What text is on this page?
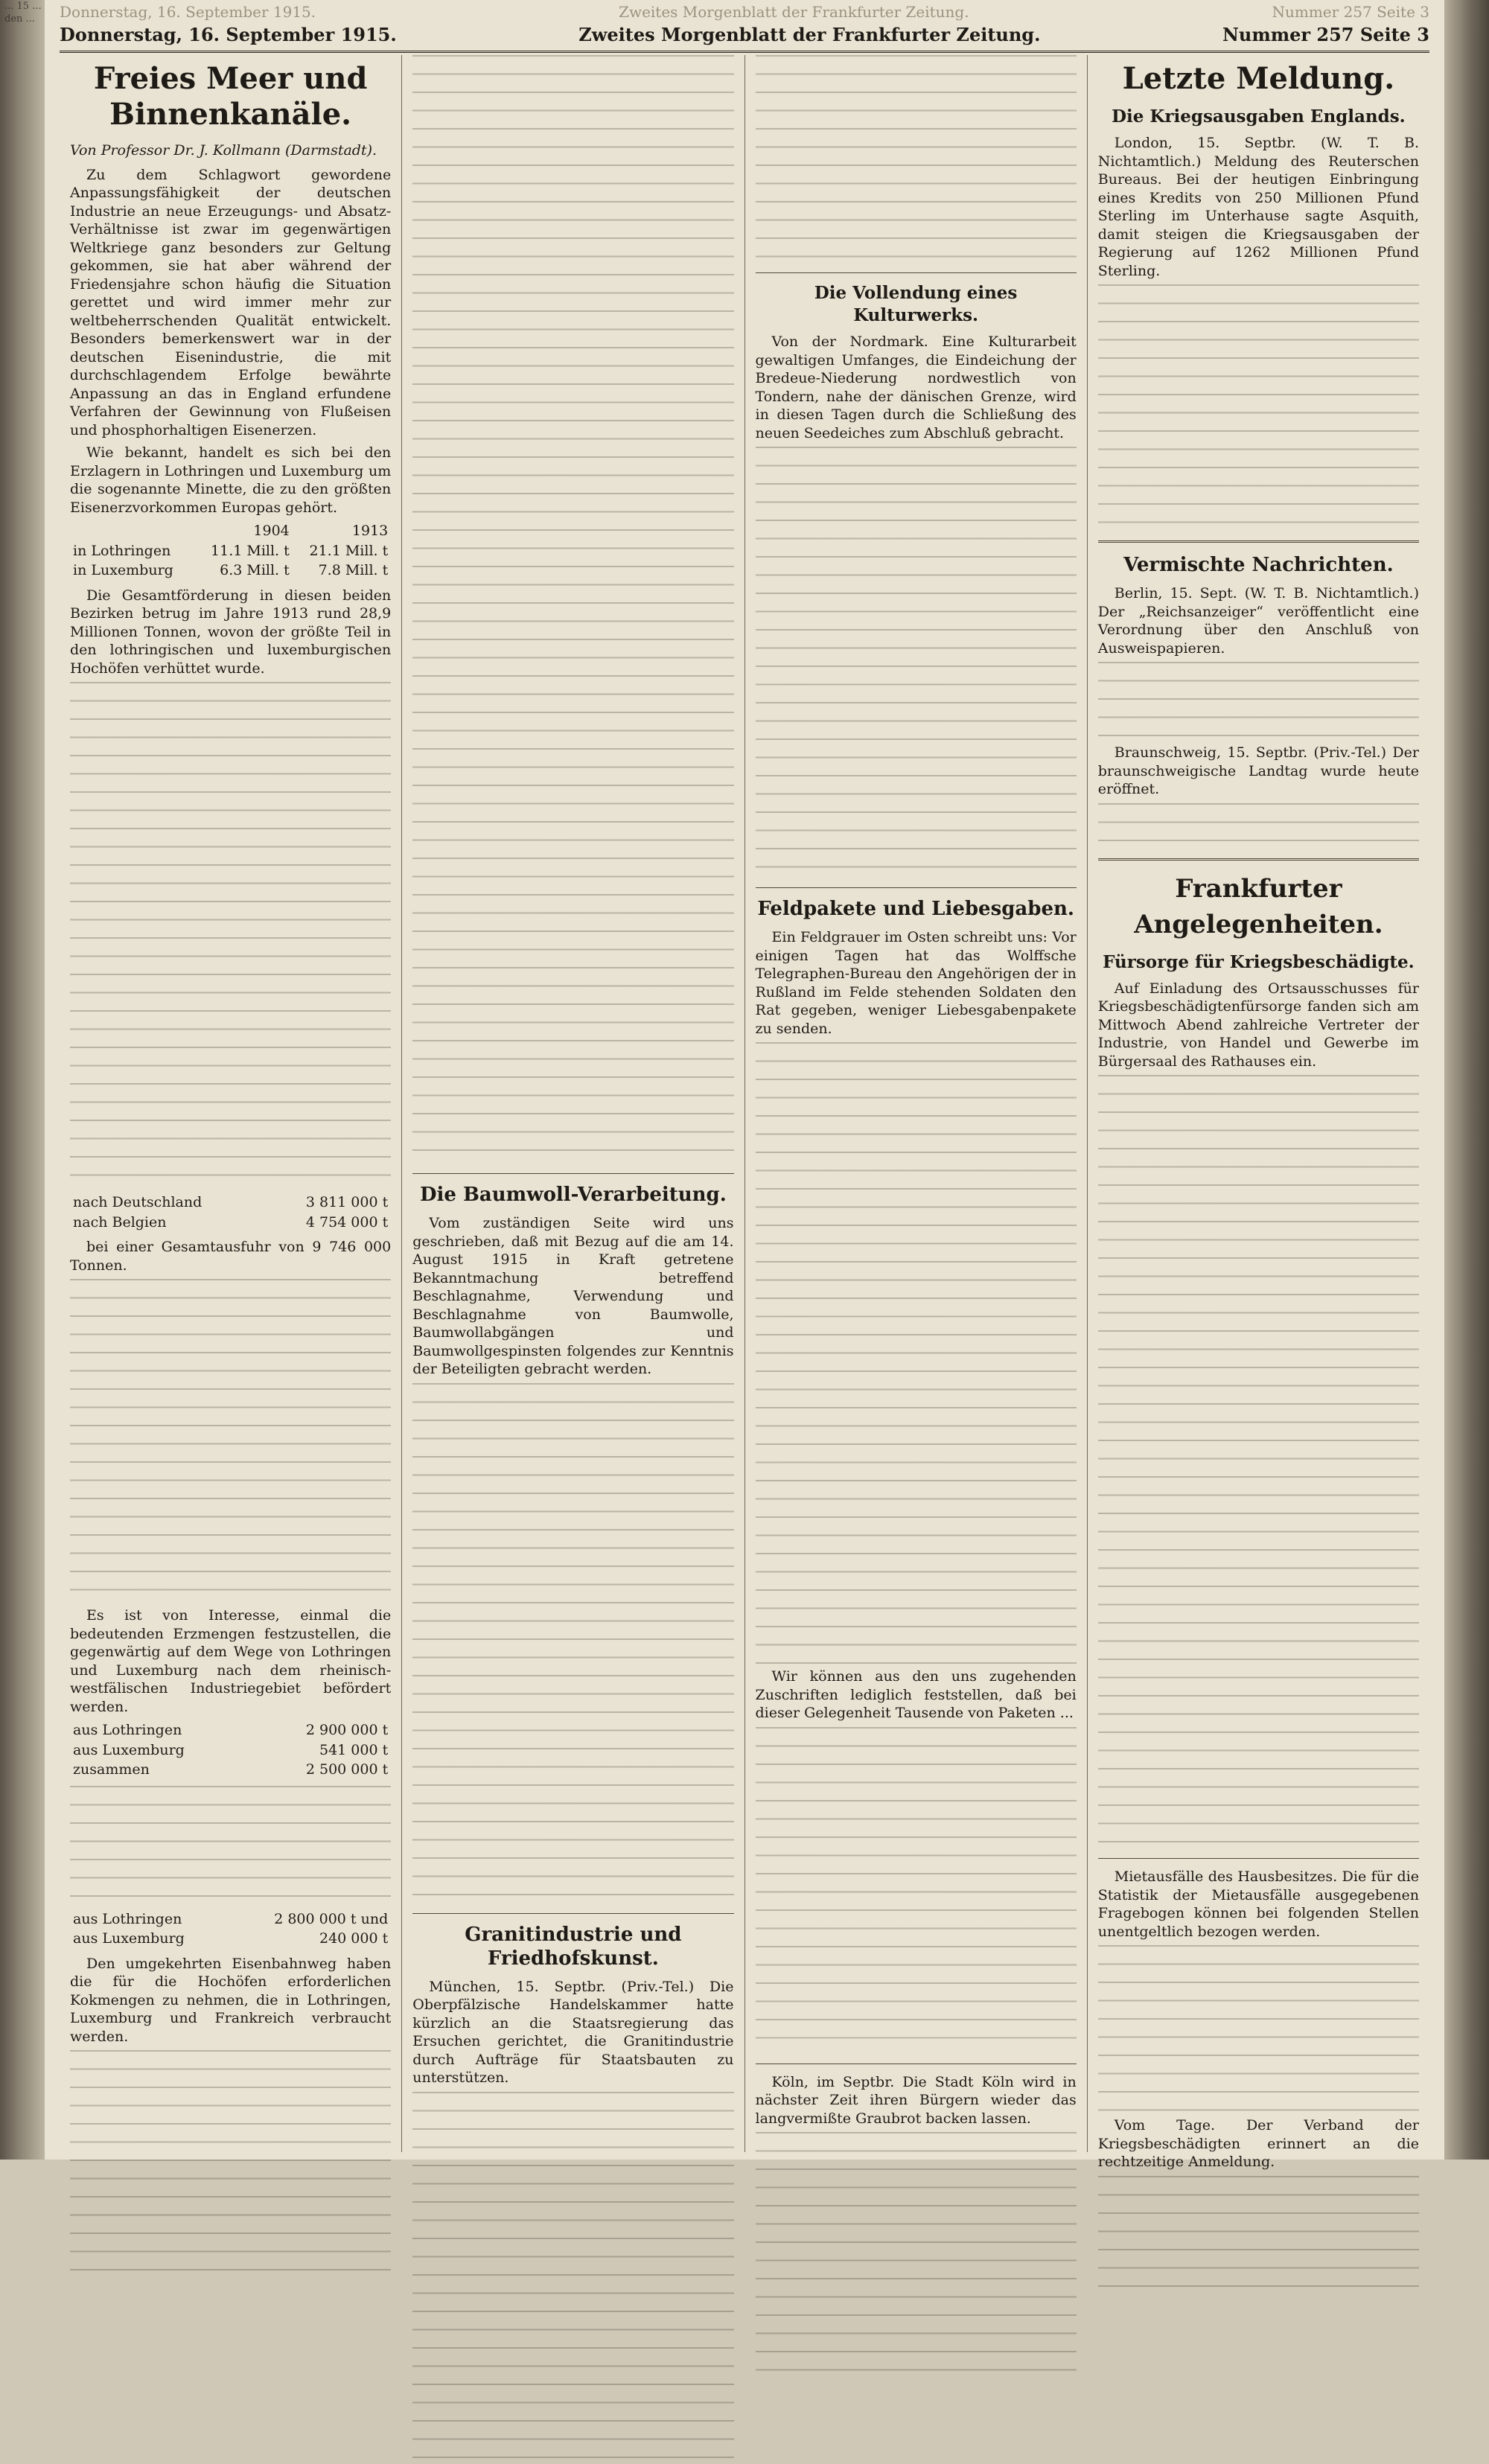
... 15 ... den ...	Donnerstag, 16. September 1915.	Zweites Morgenblatt der Frankfurter Zeitung.	Nummer 257 Seite 3
Donnerstag, 16. September 1915.	Zweites Morgenblatt der Frankfurter Zeitung.	Nummer 257 Seite 3
Freies Meer und Binnenkanäle.
Von Professor Dr. J. Kollmann (Darmstadt).

Zu dem Schlagwort gewordene Anpassungsfähigkeit der deutschen Industrie an neue Erzeugungs- und Absatz-Verhältnisse ist zwar im gegenwärtigen Weltkriege ganz besonders zur Geltung gekommen, sie hat aber während der Friedensjahre schon häufig die Situation gerettet und wird immer mehr zur weltbeherrschenden Qualität entwickelt. Besonders bemerkenswert war in der deutschen Eisenindustrie, die mit durchschlagendem Erfolge bewährte Anpassung an das in England erfundene Verfahren der Gewinnung von Flußeisen und phosphorhaltigen Eisenerzen.

Wie bekannt, handelt es sich bei den Erzlagern in Lothringen und Luxemburg um die sogenannte Minette, die zu den größten Eisenerzvorkommen Europas gehört.

	1904	1913
in Lothringen	11.1 Mill. t	21.1 Mill. t
in Luxemburg	6.3 Mill. t	7.8 Mill. t

Die Gesamtförderung in diesen beiden Bezirken betrug im Jahre 1913 rund 28,9 Millionen Tonnen, wovon der größte Teil in den lothringischen und luxemburgischen Hochöfen verhüttet wurde.

nach Deutschland	3 811 000 t
nach Belgien	4 754 000 t

bei einer Gesamtausfuhr von 9 746 000 Tonnen.

Es ist von Interesse, einmal die bedeutenden Erzmengen festzustellen, die gegenwärtig auf dem Wege von Lothringen und Luxemburg nach dem rheinisch-westfälischen Industriegebiet befördert werden.

aus Lothringen	2 900 000 t
aus Luxemburg	541 000 t
zusammen	2 500 000 t
aus Lothringen	2 800 000 t und
aus Luxemburg	240 000 t

Den umgekehrten Eisenbahnweg haben die für die Hochöfen erforderlichen Kokmengen zu nehmen, die in Lothringen, Luxemburg und Frankreich verbraucht werden.

Die Baumwoll-Verarbeitung.

Vom zuständigen Seite wird uns geschrieben, daß mit Bezug auf die am 14. August 1915 in Kraft getretene Bekanntmachung betreffend Beschlagnahme, Verwendung und Beschlagnahme von Baumwolle, Baumwollabgängen und Baumwollgespinsten folgendes zur Kenntnis der Beteiligten gebracht werden.

Granitindustrie und Friedhofskunst.

München, 15. Septbr. (Priv.-Tel.) Die Oberpfälzische Handelskammer hatte kürzlich an die Staatsregierung das Ersuchen gerichtet, die Granitindustrie durch Aufträge für Staatsbauten zu unterstützen.

Die Vollendung eines Kulturwerks.

Von der Nordmark. Eine Kulturarbeit gewaltigen Umfanges, die Eindeichung der Bredeue-Niederung nordwestlich von Tondern, nahe der dänischen Grenze, wird in diesen Tagen durch die Schließung des neuen Seedeiches zum Abschluß gebracht.

Feldpakete und Liebesgaben.

Ein Feldgrauer im Osten schreibt uns: Vor einigen Tagen hat das Wolffsche Telegraphen-Bureau den Angehörigen der in Rußland im Felde stehenden Soldaten den Rat gegeben, weniger Liebesgabenpakete zu senden.

Wir können aus den uns zugehenden Zuschriften lediglich feststellen, daß bei dieser Gelegenheit Tausende von Paketen ...

Köln, im Septbr. Die Stadt Köln wird in nächster Zeit ihren Bürgern wieder das langvermißte Graubrot backen lassen.

Letzte Meldung.
Die Kriegsausgaben Englands.

London, 15. Septbr. (W. T. B. Nichtamtlich.) Meldung des Reuterschen Bureaus. Bei der heutigen Einbringung eines Kredits von 250 Millionen Pfund Sterling im Unterhause sagte Asquith, damit steigen die Kriegsausgaben der Regierung auf 1262 Millionen Pfund Sterling.

Vermischte Nachrichten.

Berlin, 15. Sept. (W. T. B. Nichtamtlich.) Der „Reichsanzeiger“ veröffentlicht eine Verordnung über den Anschluß von Ausweispapieren.

Braunschweig, 15. Septbr. (Priv.-Tel.) Der braunschweigische Landtag wurde heute eröffnet.

Frankfurter Angelegenheiten.
Fürsorge für Kriegsbeschädigte.

Auf Einladung des Ortsausschusses für Kriegsbeschädigtenfürsorge fanden sich am Mittwoch Abend zahlreiche Vertreter der Industrie, von Handel und Gewerbe im Bürgersaal des Rathauses ein.

Mietausfälle des Hausbesitzes. Die für die Statistik der Mietausfälle ausgegebenen Fragebogen können bei folgenden Stellen unentgeltlich bezogen werden.

Vom Tage. Der Verband der Kriegsbeschädigten erinnert an die rechtzeitige Anmeldung.
